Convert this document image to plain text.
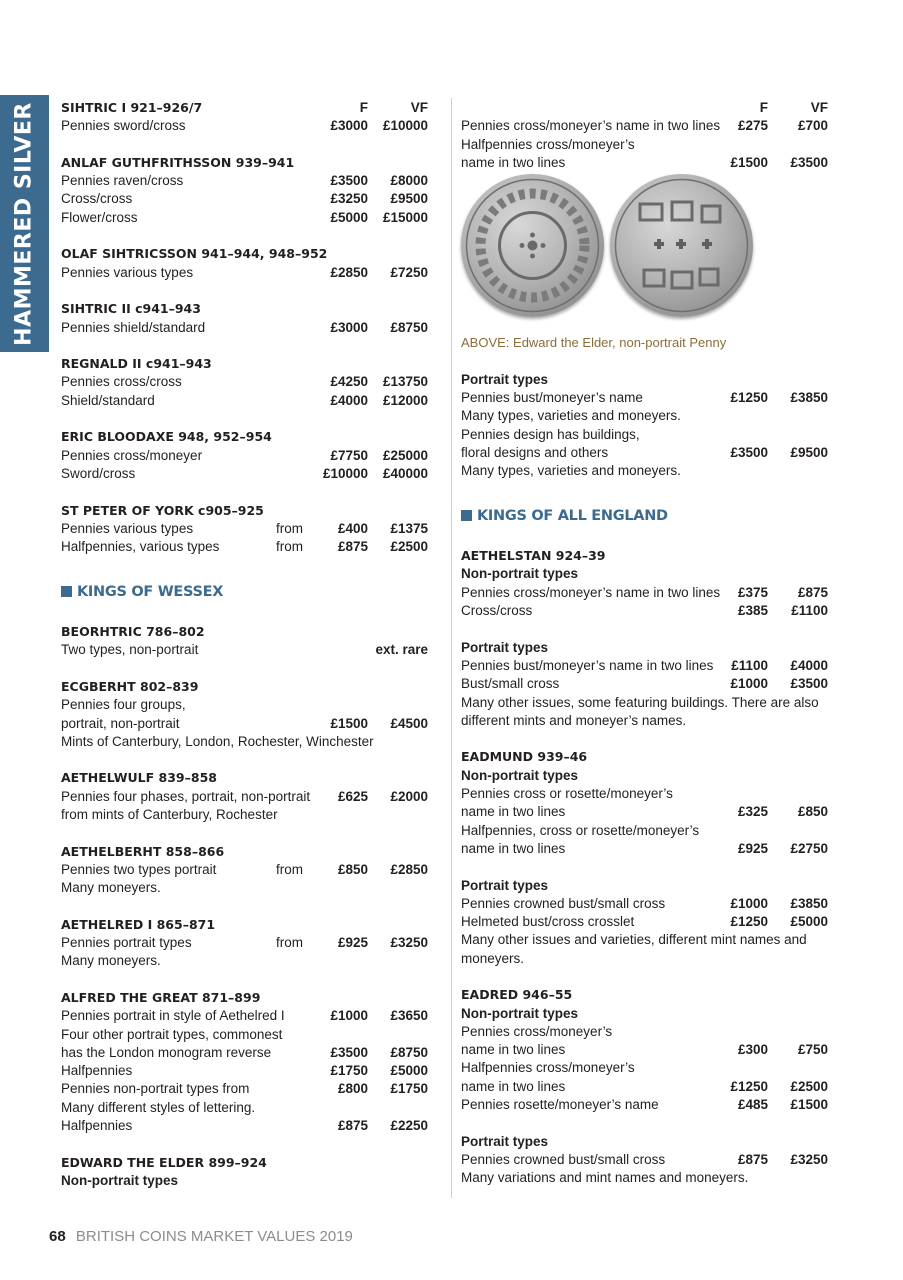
HAMMERED SILVER SIHTRIC I 921–926/7	F	VF
Pennies sword/cross	£3000 £10000
ANLAF GUTHFRITHSSON 939–941
Pennies raven/cross	£3500 £8000
Cross/cross	£3250 £9500
Flower/cross	£5000 £15000
OLAF SIHTRICSSON 941–944, 948–952
Pennies various types	£2850 £7250
SIHTRIC II c941–943
Pennies shield/standard	£3000 £8750
REGNALD II c941–943
Pennies cross/cross	£4250 £13750
Shield/standard	£4000 £12000
ERIC BLOODAXE 948, 952–954
Pennies cross/moneyer	£7750 £25000
Sword/cross	£10000 £40000
ST PETER OF YORK c905–925
Pennies various types	from	£400 £1375
Halfpennies, various types	from	£875 £2500
KINGS OF WESSEX
BEORHTRIC 786–802
Two types, non-portrait	ext. rare
ECGBERHT 802–839
Pennies four groups,
portrait, non-portrait	£1500 £4500
Mints of Canterbury, London, Rochester, Winchester
AETHELWULF 839–858
Pennies four phases, portrait, non-portrait £625 £2000
from mints of Canterbury, Rochester
AETHELBERHT 858–866
Pennies two types portrait	from	£850 £2850
Many moneyers.
AETHELRED I 865–871
Pennies portrait types	from	£925 £3250
Many moneyers.
ALFRED THE GREAT 871–899
Pennies portrait in style of Aethelred I	£1000 £3650
Four other portrait types, commonest
has the London monogram reverse	£3500 £8750
Halfpennies	£1750 £5000
Pennies non-portrait types from	£800 £1750
Many different styles of lettering.
Halfpennies	£875 £2250
EDWARD THE ELDER 899–924
Non-portrait types
F	VF
Pennies cross/moneyer’s name in two lines £275 £700
Halfpennies cross/moneyer’s
name in two lines	£1500 £3500
ABOVE: Edward the Elder, non-portrait Penny
Portrait types
Pennies bust/moneyer’s name	£1250 £3850
Many types, varieties and moneyers.
Pennies design has buildings,
floral designs and others	£3500 £9500
Many types, varieties and moneyers.
KINGS OF ALL ENGLAND
AETHELSTAN 924–39
Non-portrait types
Pennies cross/moneyer’s name in two lines £375 £875
Cross/cross	£385 £1100
Portrait types
Pennies bust/moneyer’s name in two lines £1100 £4000
Bust/small cross	£1000 £3500
Many other issues, some featuring buildings. There are also different mints and moneyer’s names.
EADMUND 939–46
Non-portrait types
Pennies cross or rosette/moneyer’s
name in two lines	£325 £850
Halfpennies, cross or rosette/moneyer’s
name in two lines	£925 £2750
Portrait types
Pennies crowned bust/small cross	£1000 £3850
Helmeted bust/cross crosslet	£1250 £5000
Many other issues and varieties, different mint names and moneyers.
EADRED 946–55
Non-portrait types
Pennies cross/moneyer’s
name in two lines	£300 £750
Halfpennies cross/moneyer’s
name in two lines	£1250 £2500
Pennies rosette/moneyer’s name	£485 £1500
Portrait types
Pennies crowned bust/small cross	£875 £3250
Many variations and mint names and moneyers.
68 BRITISH COINS MARKET VALUES 2019
